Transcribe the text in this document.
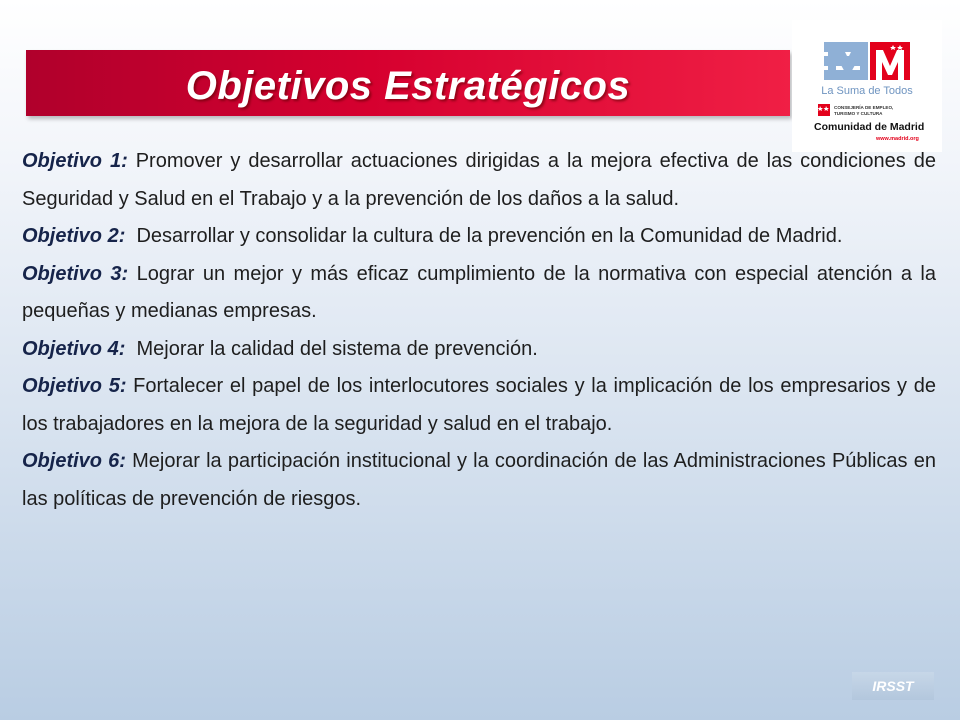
Objetivos Estratégicos	La Suma de Todos
CONSEJERÍA DE EMPLEO,
TURISMO Y CULTURA
Comunidad de Madrid
www.madrid.org

Objetivo 1: Promover y desarrollar actuaciones dirigidas a la mejora efectiva de las condiciones de Seguridad y Salud en el Trabajo y a la prevención de los daños a la salud.

Objetivo 2: Desarrollar y consolidar la cultura de la prevención en la Comunidad de Madrid.

Objetivo 3: Lograr un mejor y más eficaz cumplimiento de la normativa con especial atención a la pequeñas y medianas empresas.

Objetivo 4: Mejorar la calidad del sistema de prevención.

Objetivo 5: Fortalecer el papel de los interlocutores sociales y la implicación de los empresarios y de los trabajadores en la mejora de la seguridad y salud en el trabajo.

Objetivo 6: Mejorar la participación institucional y la coordinación de las Administraciones Públicas en las políticas de prevención de riesgos.

IRSST
